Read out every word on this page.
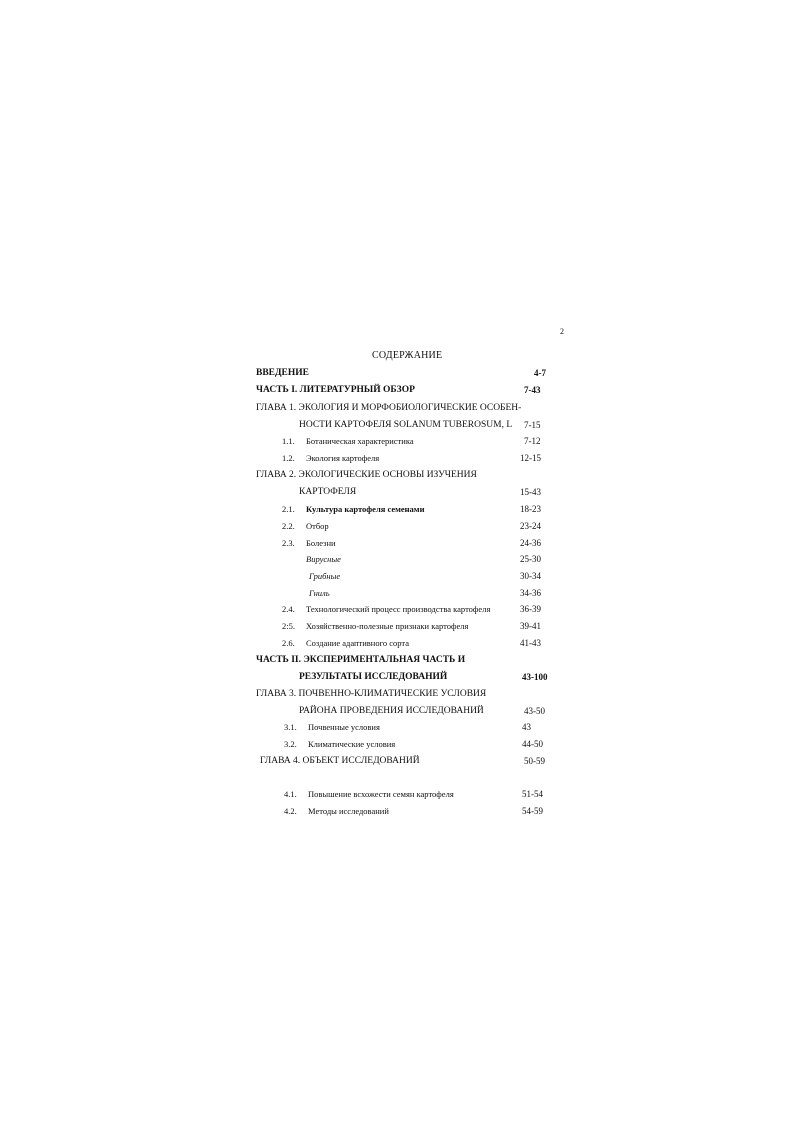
2
СОДЕРЖАНИЕ
ВВЕДЕНИЕ	4-7
ЧАСТЬ I. ЛИТЕРАТУРНЫЙ ОБЗОР	7-43
ГЛАВА 1. ЭКОЛОГИЯ И МОРФОБИОЛОГИЧЕСКИЕ ОСОБЕН-
НОСТИ КАРТОФЕЛЯ SOLANUM TUBEROSUM, L 7-15
1.1. Ботаническая характеристика	7-12
1.2. Экология картофеля	12-15
ГЛАВА 2. ЭКОЛОГИЧЕСКИЕ ОСНОВЫ ИЗУЧЕНИЯ
КАРТОФЕЛЯ	15-43
2.1. Культура картофеля семенами	18-23
2.2. Отбор	23-24
2.3. Болезни	24-36
Вирусные	25-30
Грибные	30-34
Гниль	34-36
2.4. Технологический процесс производства картофеля	36-39
2:5. Хозяйственно-полезные признаки картофеля	39-41
2.6. Создание адаптивного сорта	41-43
ЧАСТЬ II. ЭКСПЕРИМЕНТАЛЬНАЯ ЧАСТЬ И
РЕЗУЛЬТАТЫ ИССЛЕДОВАНИЙ	43-100
ГЛАВА 3. ПОЧВЕННО-КЛИМАТИЧЕСКИЕ УСЛОВИЯ
РАЙОНА ПРОВЕДЕНИЯ ИССЛЕДОВАНИЙ	43-50
3.1. Почвенные условия	43
3.2. Климатические условия	44-50
ГЛАВА 4. ОБЪЕКТ ИССЛЕДОВАНИЙ	50-59
4.1. Повышение всхожести семян картофеля	51-54
4.2. Методы исследований	54-59
